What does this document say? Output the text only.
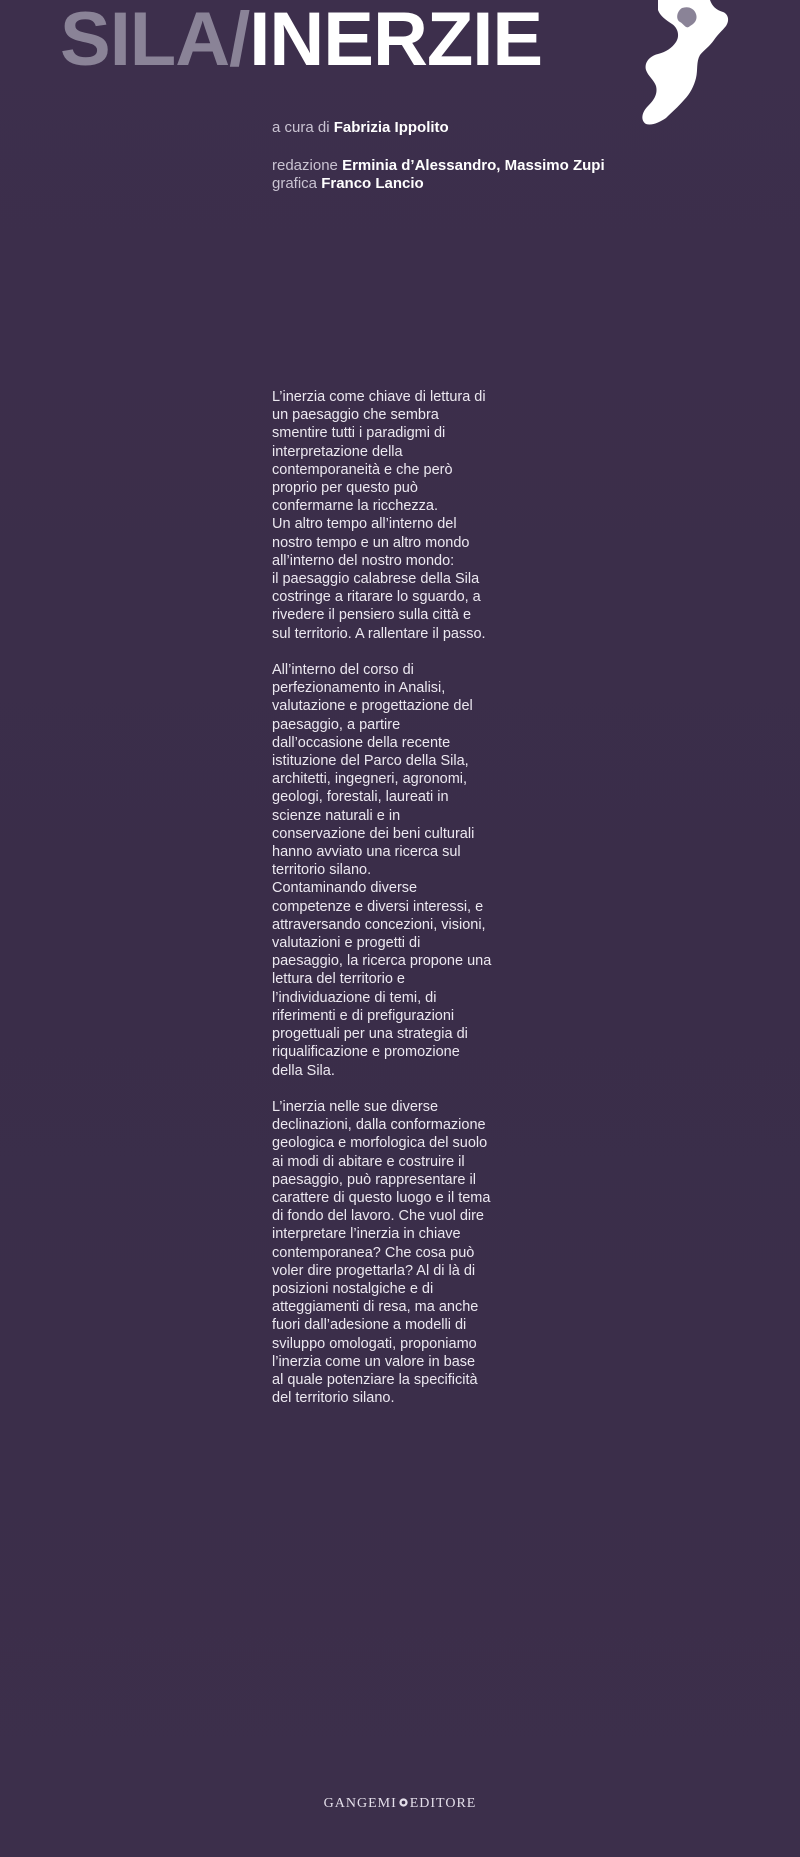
SILA/INERZIE
a cura di Fabrizia Ippolito
redazione Erminia d’Alessandro, Massimo Zupi
grafica Franco Lancio

L’inerzia come chiave di lettura di
un paesaggio che sembra
smentire tutti i paradigmi di
interpretazione della
contemporaneità e che però
proprio per questo può
confermarne la ricchezza.
Un altro tempo all’interno del
nostro tempo e un altro mondo
all’interno del nostro mondo:
il paesaggio calabrese della Sila
costringe a ritarare lo sguardo, a
rivedere il pensiero sulla città e
sul territorio. A rallentare il passo.

All’interno del corso di
perfezionamento in Analisi,
valutazione e progettazione del
paesaggio, a partire
dall’occasione della recente
istituzione del Parco della Sila,
architetti, ingegneri, agronomi,
geologi, forestali, laureati in
scienze naturali e in
conservazione dei beni culturali
hanno avviato una ricerca sul
territorio silano.
Contaminando diverse
competenze e diversi interessi, e
attraversando concezioni, visioni,
valutazioni e progetti di
paesaggio, la ricerca propone una
lettura del territorio e
l’individuazione di temi, di
riferimenti e di prefigurazioni
progettuali per una strategia di
riqualificazione e promozione
della Sila.

L’inerzia nelle sue diverse
declinazioni, dalla conformazione
geologica e morfologica del suolo
ai modi di abitare e costruire il
paesaggio, può rappresentare il
carattere di questo luogo e il tema
di fondo del lavoro. Che vuol dire
interpretare l’inerzia in chiave
contemporanea? Che cosa può
voler dire progettarla? Al di là di
posizioni nostalgiche e di
atteggiamenti di resa, ma anche
fuori dall’adesione a modelli di
sviluppo omologati, proponiamo
l’inerzia come un valore in base
al quale potenziare la specificità
del territorio silano.

GANGEMI EDITORE
